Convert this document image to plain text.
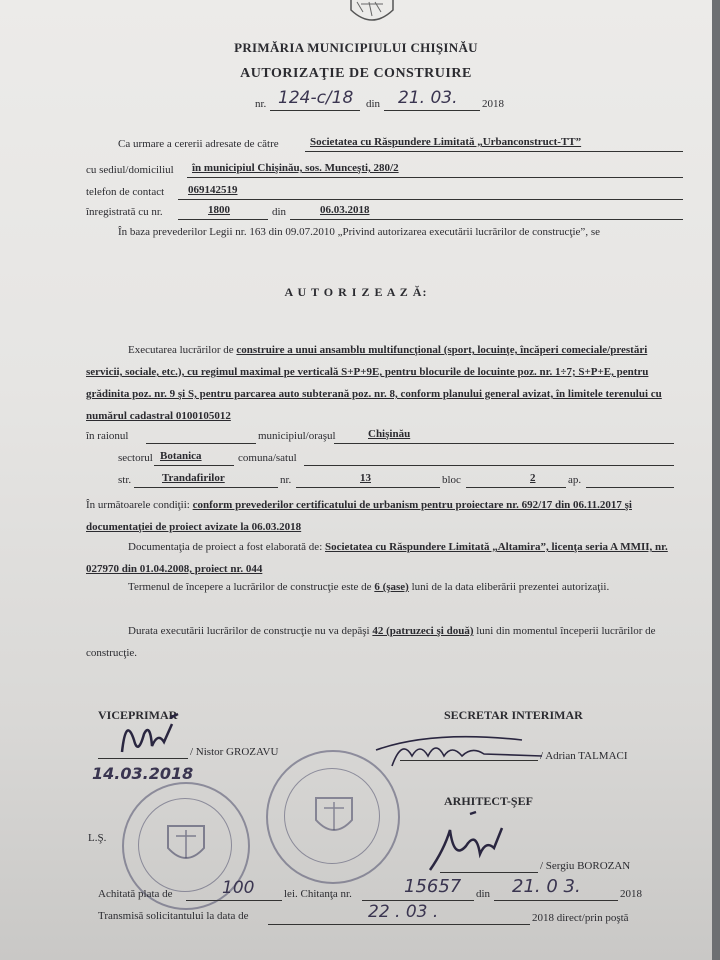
PRIMĂRIA MUNICIPIULUI CHIŞINĂU
AUTORIZAŢIE DE CONSTRUIRE
nr. 124-c/18 din 21. 03. 2018
Ca urmare a cererii adresate de către	Societatea cu Răspundere Limitată „Urbanconstruct-TT”
cu sediul/domiciliul în municipiul Chişinău, sos. Munceşti, 280/2
telefon de contact 069142519
înregistrată cu nr.	1800	din	06.03.2018
În baza prevederilor Legii nr. 163 din 09.07.2010 „Privind autorizarea executării lucrărilor de construcţie”, se
A U T O R I Z E A Z Ă:
Executarea lucrărilor de construire a unui ansamblu multifuncţional (sport, locuinţe, încăperi comeciale/prestări servicii, sociale, etc.), cu regimul maximal pe verticală S+P+9E, pentru blocurile de locuinte poz. nr. 1÷7; S+P+E, pentru grădinita poz. nr. 9 şi S, pentru parcarea auto subterană poz. nr. 8, conform planului general avizat, în limitele terenului cu numărul cadastral 0100105012
în raionul	municipiul/oraşul	Chişinău
sectorul Botanica	comuna/satul
str.	Trandafirilor	nr.	13	bloc	2	ap.
În următoarele condiţii: conform prevederilor certificatului de urbanism pentru proiectare nr. 692/17 din 06.11.2017 şi documentaţiei de proiect avizate la 06.03.2018
Documentaţia de proiect a fost elaborată de: Societatea cu Răspundere Limitată „Altamira”, licenţa seria A MMII, nr. 027970 din 01.04.2008, proiect nr. 044
Termenul de începere a lucrărilor de construcţie este de 6 (şase) luni de la data eliberării prezentei autorizaţii.
Durata executării lucrărilor de construcţie nu va depăşi 42 (patruzeci şi două) luni din momentul începerii lucrărilor de construcţie.
VICEPRIMAR
/ Nistor GROZAVU
14.03.2018
SECRETAR INTERIMAR
/ Adrian TALMACI
ARHITECT-ŞEF
/ Sergiu BOROZAN
L.Ş.
Achitată plata de	100	lei. Chitanţa nr.	15657 din 21. 0 3.	2018
Transmisă solicitantului la data de	22 . 03 .	2018 direct/prin poştă
